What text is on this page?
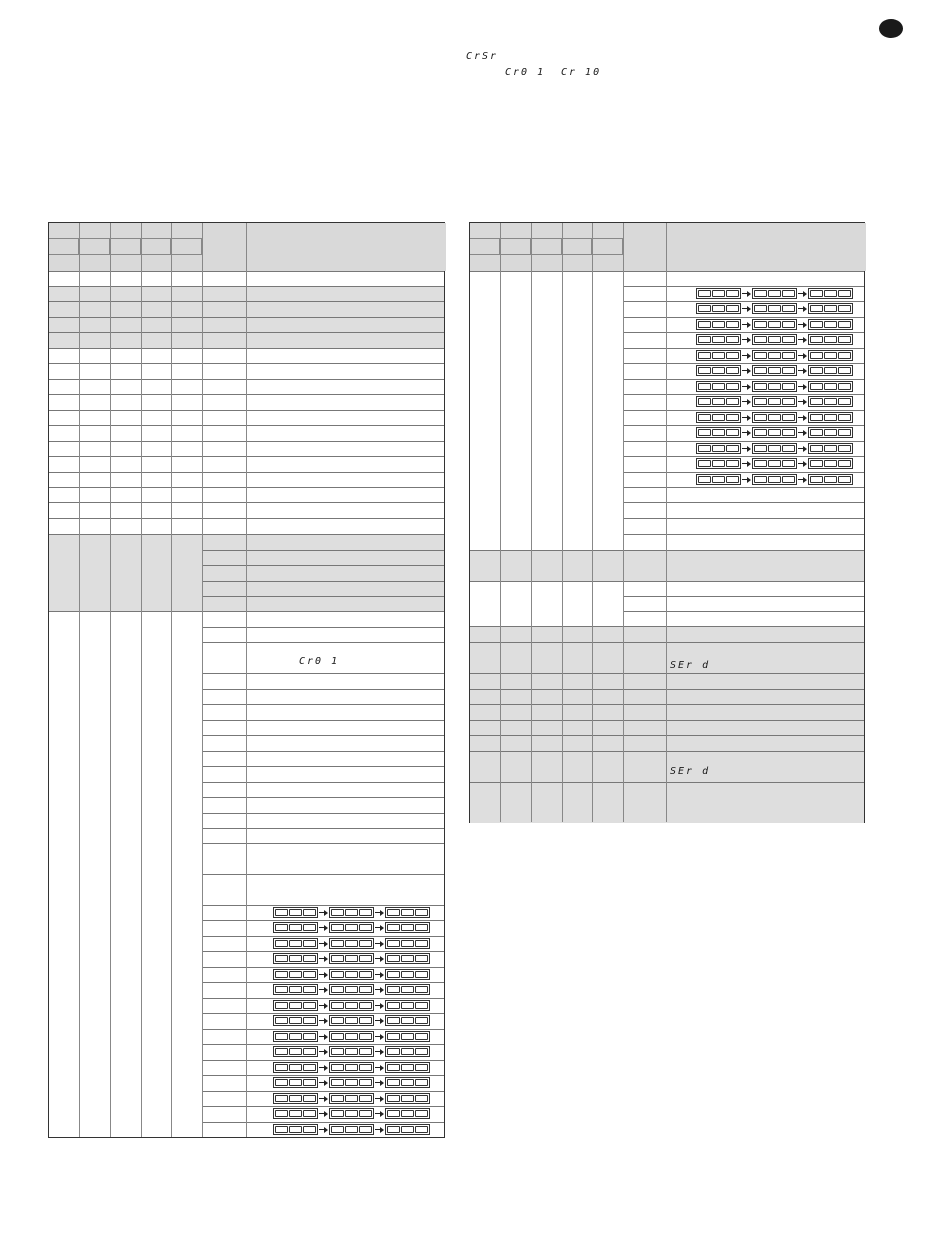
CrSr
Cr0 1 Cr 10
Cr0 1	SEr d
SEr d
